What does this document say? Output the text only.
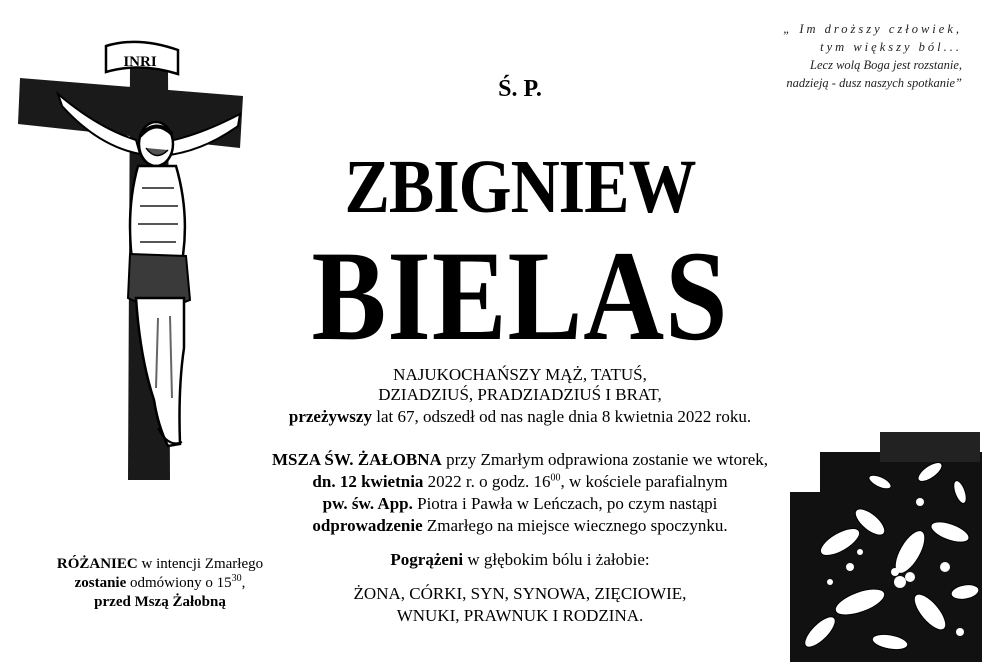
INRI
Ś. P.
„ Im droższy człowiek,
tym większy ból...
Lecz wolą Boga jest rozstanie,
nadzieją - dusz naszych spotkanie”
ZBIGNIEW
BIELAS
NAJUKOCHAŃSZY MĄŻ, TATUŚ,
DZIADZIUŚ, PRADZIADZIUŚ I BRAT,
przeżywszy lat 67, odszedł od nas nagle dnia 8 kwietnia 2022 roku.
MSZA ŚW. ŻAŁOBNA przy Zmarłym odprawiona zostanie we wtorek,
dn. 12 kwietnia 2022 r. o godz. $16^{00}$, w kościele parafialnym
pw. św. App. Piotra i Pawła w Leńczach, po czym nastąpi
odprowadzenie Zmarłego na miejsce wiecznego spoczynku.
Pogrążeni w głębokim bólu i żałobie:
ŻONA, CÓRKI, SYN, SYNOWA, ZIĘCIOWIE,
WNUKI, PRAWNUK I RODZINA.
RÓŻANIEC w intencji Zmarłego
zostanie odmówiony o $15^{30}$,
przed Mszą Żałobną
